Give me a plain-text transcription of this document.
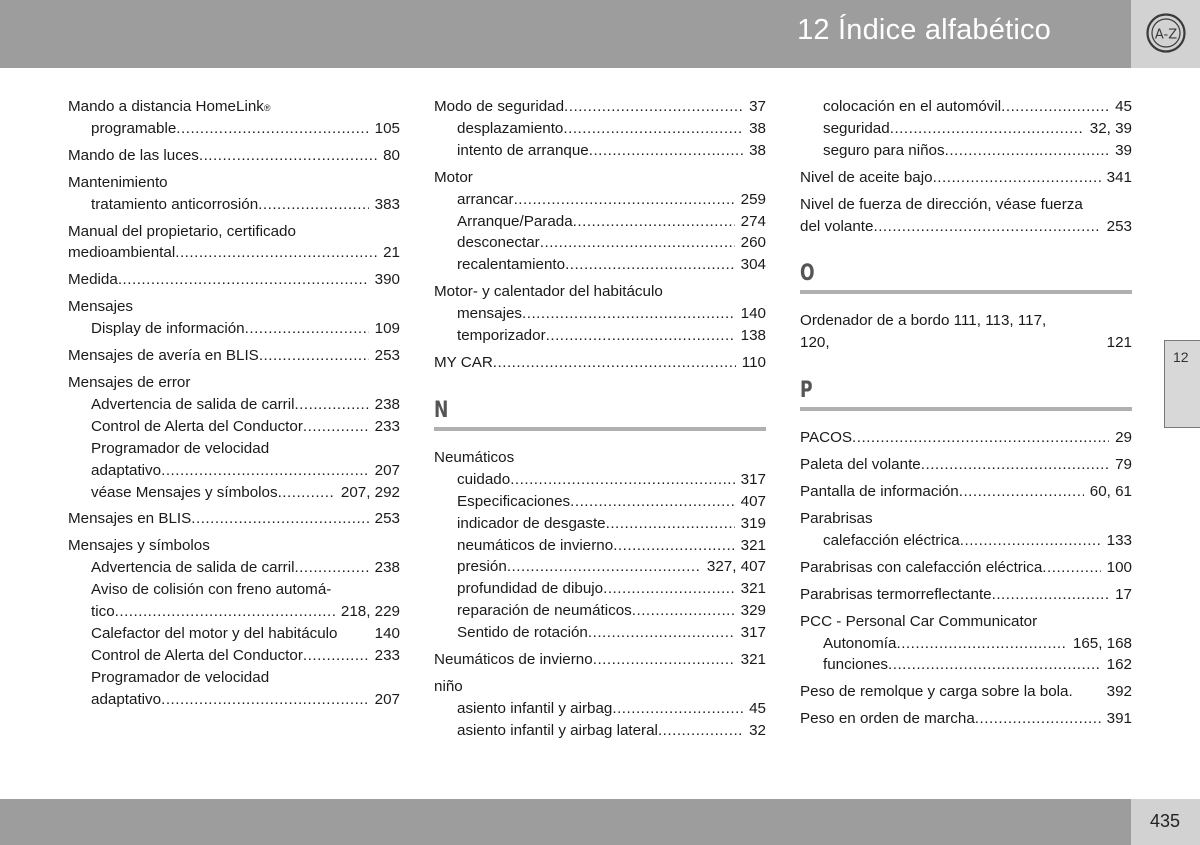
12 Índice alfabético	A-Z
12
Mando a distancia HomeLink ®
programable .....	105
Mando de las luces .....	80
Mantenimiento
tratamiento anticorrosión .....	383
Manual del propietario, certificado
medioambiental .....	21
Medida .....	390
Mensajes
Display de información .....	109
Mensajes de avería en BLIS .....	253
Mensajes de error
Advertencia de salida de carril .....	238
Control de Alerta del Conductor .....	233
Programador de velocidad
adaptativo .....	207
véase Mensajes y símbolos .....	207, 292
Mensajes en BLIS .....	253
Mensajes y símbolos
Advertencia de salida de carril .....	238
Aviso de colisión con freno automá-
tico .....	218, 229
Calefactor del motor y del habitáculo 140
Control de Alerta del Conductor .....	233
Programador de velocidad
adaptativo .....	207
Modo de seguridad .....	37
desplazamiento .....	38
intento de arranque .....	38
Motor
arrancar .....	259
Arranque/Parada .....	274
desconectar .....	260
recalentamiento .....	304
Motor- y calentador del habitáculo
mensajes .....	140
temporizador .....	138
MY CAR .....	110
N
Neumáticos
cuidado .....	317
Especificaciones .....	407
indicador de desgaste .....	319
neumáticos de invierno .....	321
presión .....	327, 407
profundidad de dibujo .....	321
reparación de neumáticos .....	329
Sentido de rotación .....	317
Neumáticos de invierno .....	321
niño
asiento infantil y airbag .....	45
asiento infantil y airbag lateral .....	32
colocación en el automóvil .....	45
seguridad .....	32, 39
seguro para niños .....	39
Nivel de aceite bajo .....	341
Nivel de fuerza de dirección, véase fuerza
del volante .....	253
O
Ordenador de a bordo 111, 113, 117,
120,	121
P
PACOS .....	29
Paleta del volante .....	79
Pantalla de información .....	60, 61
Parabrisas
calefacción eléctrica .....	133
Parabrisas con calefacción eléctrica .....	100
Parabrisas termorreflectante .....	17
PCC - Personal Car Communicator
Autonomía .....	165, 168
funciones .....	162
Peso de remolque y carga sobre la bola. 392
Peso en orden de marcha .....	391
435
